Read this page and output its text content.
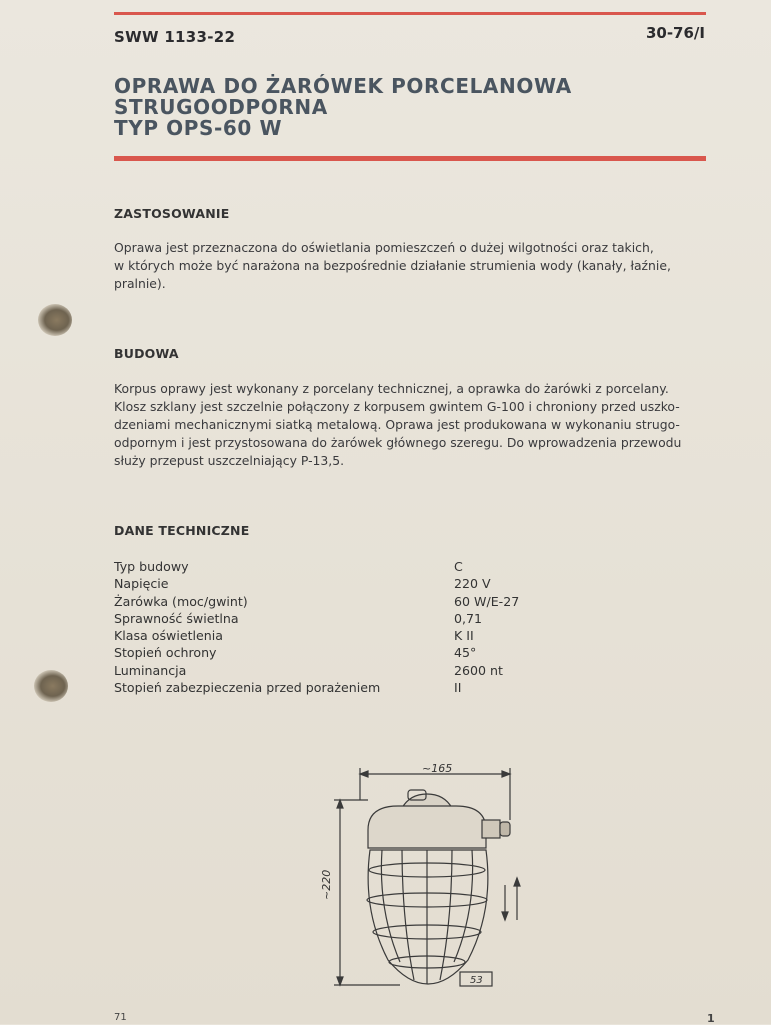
SWW 1133-22	30-76/I
OPRAWA DO ŻARÓWEK PORCELANOWA
STRUGOODPORNA
TYP OPS-60 W
ZASTOSOWANIE
Oprawa jest przeznaczona do oświetlania pomieszczeń o dużej wilgotności oraz takich,
w których może być narażona na bezpośrednie działanie strumienia wody (kanały, łaźnie,
pralnie).
BUDOWA
Korpus oprawy jest wykonany z porcelany technicznej, a oprawka do żarówki z porcelany.
Klosz szklany jest szczelnie połączony z korpusem gwintem G-100 i chroniony przed uszko-
dzeniami mechanicznymi siatką metalową. Oprawa jest produkowana w wykonaniu strugo-
odpornym i jest przystosowana do żarówek głównego szeregu. Do wprowadzenia przewodu
służy przepust uszczelniający P-13,5.
DANE TECHNICZNE
Typ budowy	C
Napięcie	220 V
Żarówka (moc/gwint)	60 W/E-27
Sprawność świetlna	0,71
Klasa oświetlenia	K II
Stopień ochrony	45°
Luminancja	2600 nt
Stopień zabezpieczenia przed porażeniem	II
~165
~220
53
71	1
